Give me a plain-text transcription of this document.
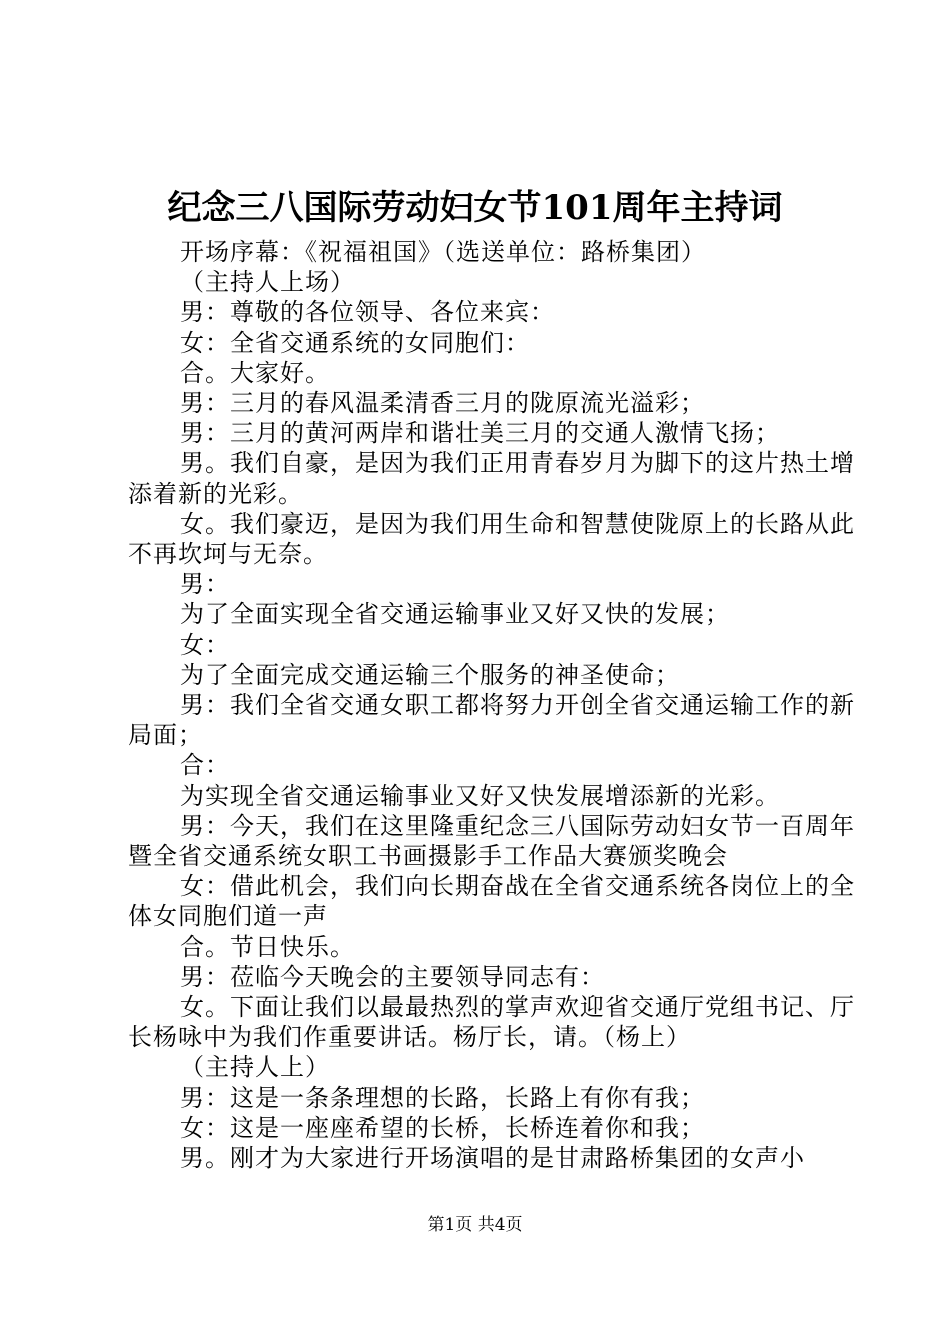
纪念三八国际劳动妇女节101周年主持词

开场序幕：《祝福祖国》（选送单位：路桥集团）

（主持人上场）

男：尊敬的各位领导、各位来宾：

女：全省交通系统的女同胞们：

合。大家好。

男：三月的春风温柔清香三月的陇原流光溢彩；

男：三月的黄河两岸和谐壮美三月的交通人激情飞扬；

男。我们自豪，是因为我们正用青春岁月为脚下的这片热土增添着新的光彩。

女。我们豪迈，是因为我们用生命和智慧使陇原上的长路从此不再坎坷与无奈。

男：

为了全面实现全省交通运输事业又好又快的发展；

女：

为了全面完成交通运输三个服务的神圣使命；

男：我们全省交通女职工都将努力开创全省交通运输工作的新局面；

合：

为实现全省交通运输事业又好又快发展增添新的光彩。

男：今天，我们在这里隆重纪念三八国际劳动妇女节一百周年暨全省交通系统女职工书画摄影手工作品大赛颁奖晚会

女：借此机会，我们向长期奋战在全省交通系统各岗位上的全体女同胞们道一声

合。节日快乐。

男：莅临今天晚会的主要领导同志有：

女。下面让我们以最最热烈的掌声欢迎省交通厅党组书记、厅长杨咏中为我们作重要讲话。杨厅长，请。（杨上）

（主持人上）

男：这是一条条理想的长路，长路上有你有我；

女：这是一座座希望的长桥，长桥连着你和我；

男。刚才为大家进行开场演唱的是甘肃路桥集团的女声小

第1页 共4页
